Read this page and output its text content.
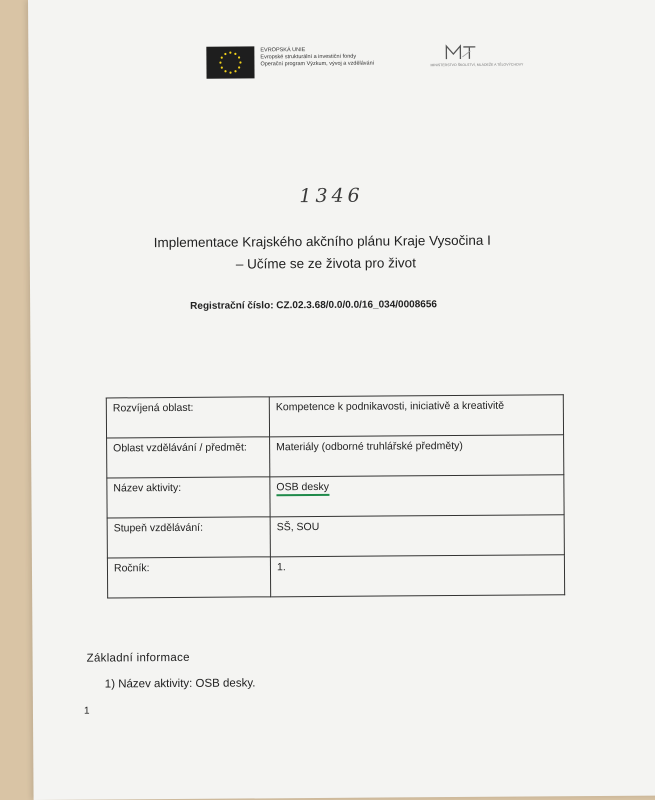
EVROPSKÁ UNIE
Evropské strukturální a investiční fondy
Operační program Výzkum, vývoj a vzdělávání	MINISTERSTVO ŠKOLSTVÍ, MLÁDEŽE A TĚLOVÝCHOVY
1346
Implementace Krajského akčního plánu Kraje Vysočina I
– Učíme se ze života pro život
Registrační číslo: CZ.02.3.68/0.0/0.0/16_034/0008656
Rozvíjená oblast:	Kompetence k podnikavosti, iniciativě a kreativitě
Oblast vzdělávání / předmět:	Materiály (odborné truhlářské předměty)
Název aktivity:	OSB desky
Stupeň vzdělávání:	SŠ, SOU
Ročník:	1.
Základní informace
1) Název aktivity: OSB desky.
1
